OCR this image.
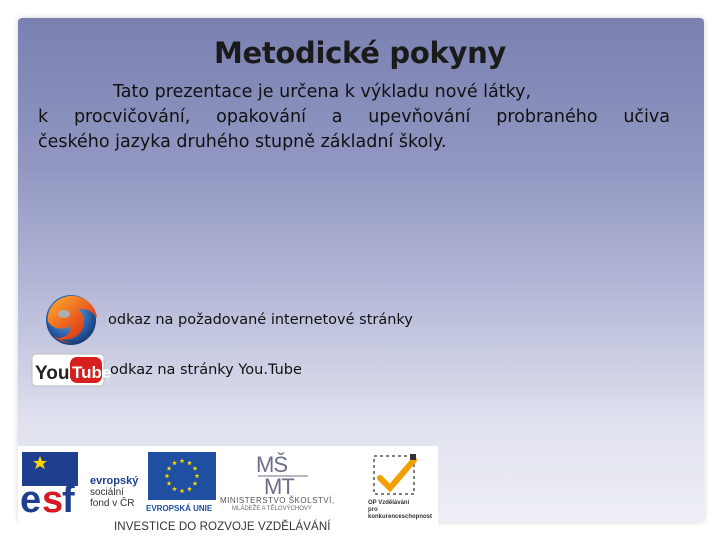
Metodické pokyny
Tato prezentace je určena k výkladu nové látky,
k procvičování, opakování a upevňování probraného učiva
českého jazyka druhého stupně základní školy.
odkaz na požadované internetové stránky
You Tube
odkaz na stránky You.Tube
e s
f evropský
sociální
fond v ČR	EVROPSKÁ UNIE
MŠ
MT
MINISTERSTVO ŠKOLSTVÍ,
MLÁDEŽE A TĚLOVÝCHOVY
OP Vzdělávání
pro konkurenceschopnost
INVESTICE DO ROZVOJE VZDĚLÁVÁNÍ
